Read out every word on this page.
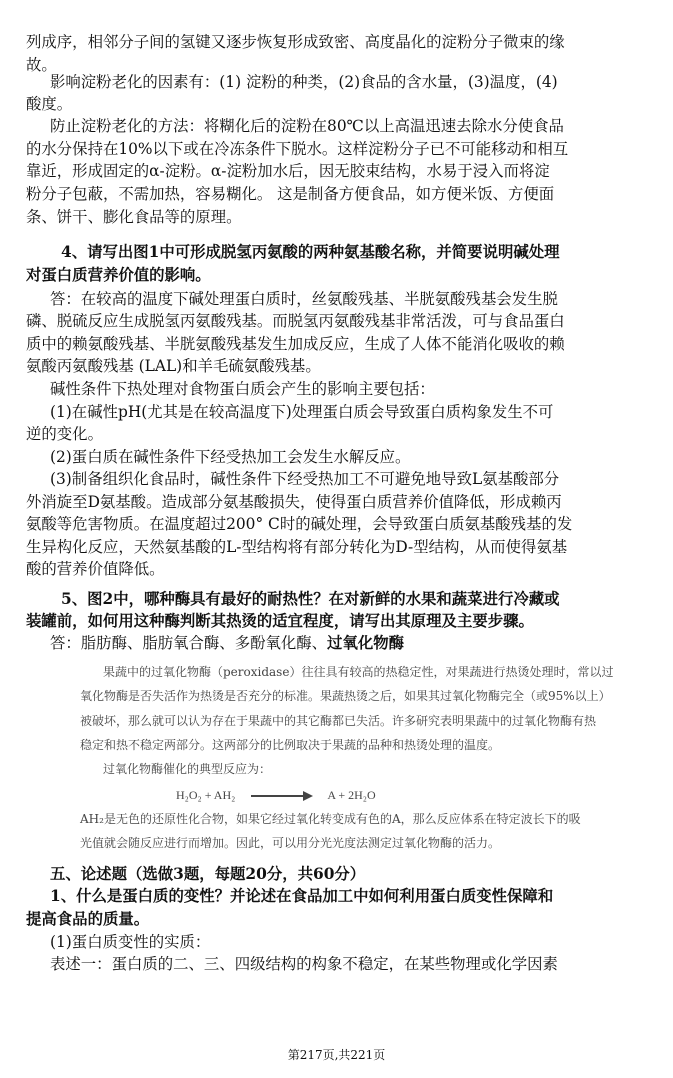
列成序，相邻分子间的氢键又逐步恢复形成致密、高度晶化的淀粉分子微束的缘

故。

影响淀粉老化的因素有：(1) 淀粉的种类，(2)食品的含水量，(3)温度，(4)

酸度。

防止淀粉老化的方法：将糊化后的淀粉在80℃以上高温迅速去除水分使食品

的水分保持在10%以下或在冷冻条件下脱水。这样淀粉分子已不可能移动和相互

靠近，形成固定的α-淀粉。α-淀粉加水后，因无胶束结构，水易于浸入而将淀

粉分子包蔽，不需加热，容易糊化。 这是制备方便食品，如方便米饭、方便面

条、饼干、膨化食品等的原理。

4、请写出图1中可形成脱氢丙氨酸的两种氨基酸名称，并简要说明碱处理

对蛋白质营养价值的影响。

答：在较高的温度下碱处理蛋白质时，丝氨酸残基、半胱氨酸残基会发生脱

磷、脱硫反应生成脱氢丙氨酸残基。而脱氢丙氨酸残基非常活泼，可与食品蛋白

质中的赖氨酸残基、半胱氨酸残基发生加成反应，生成了人体不能消化吸收的赖

氨酸丙氨酸残基 (LAL)和羊毛硫氨酸残基。

碱性条件下热处理对食物蛋白质会产生的影响主要包括：

(1)在碱性pH(尤其是在较高温度下)处理蛋白质会导致蛋白质构象发生不可

逆的变化。

(2)蛋白质在碱性条件下经受热加工会发生水解反应。

(3)制备组织化食品时，碱性条件下经受热加工不可避免地导致L氨基酸部分

外消旋至D氨基酸。造成部分氨基酸损失，使得蛋白质营养价值降低，形成赖丙

氨酸等危害物质。在温度超过200° C时的碱处理，会导致蛋白质氨基酸残基的发

生异构化反应，天然氨基酸的L-型结构将有部分转化为D-型结构，从而使得氨基

酸的营养价值降低。

5、图2中，哪种酶具有最好的耐热性？在对新鲜的水果和蔬菜进行冷藏或

装罐前，如何用这种酶判断其热烫的适宜程度，请写出其原理及主要步骤。

答：脂肪酶、脂肪氧合酶、多酚氧化酶、过氧化物酶

果蔬中的过氧化物酶（peroxidase）往往具有较高的热稳定性，对果蔬进行热烫处理时，常以过

氧化物酶是否失活作为热烫是否充分的标准。果蔬热烫之后，如果其过氧化物酶完全（或95%以上）

被破坏，那么就可以认为存在于果蔬中的其它酶都已失活。许多研究表明果蔬中的过氧化物酶有热

稳定和热不稳定两部分。这两部分的比例取决于果蔬的品种和热烫处理的温度。

过氧化物酶催化的典型反应为：

H₂O₂ + AH₂	A + 2H₂O

AH₂是无色的还原性化合物，如果它经过氧化转变成有色的A，那么反应体系在特定波长下的吸

光值就会随反应进行而增加。因此，可以用分光光度法测定过氧化物酶的活力。

五、论述题（选做3题，每题20分，共60分）

1、什么是蛋白质的变性？并论述在食品加工中如何利用蛋白质变性保障和

提高食品的质量。

(1)蛋白质变性的实质：

表述一：蛋白质的二、三、四级结构的构象不稳定，在某些物理或化学因素

第217页,共221页
